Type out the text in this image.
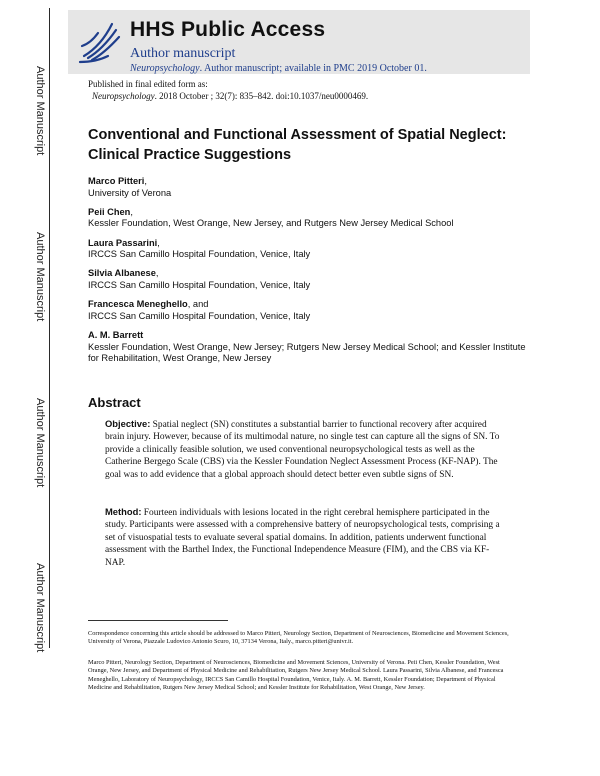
Author Manuscript
Author Manuscript
Author Manuscript
Author Manuscript
HHS Public Access
Author manuscript
Neuropsychology. Author manuscript; available in PMC 2019 October 01.
Published in final edited form as:
Neuropsychology. 2018 October ; 32(7): 835–842. doi:10.1037/neu0000469.
Conventional and Functional Assessment of Spatial Neglect:
Clinical Practice Suggestions
Marco Pitteri,
University of Verona
Peii Chen,
Kessler Foundation, West Orange, New Jersey, and Rutgers New Jersey Medical School
Laura Passarini,
IRCCS San Camillo Hospital Foundation, Venice, Italy
Silvia Albanese,
IRCCS San Camillo Hospital Foundation, Venice, Italy
Francesca Meneghello, and
IRCCS San Camillo Hospital Foundation, Venice, Italy
A. M. Barrett
Kessler Foundation, West Orange, New Jersey; Rutgers New Jersey Medical School; and Kessler Institute for Rehabilitation, West Orange, New Jersey
Abstract
Objective: Spatial neglect (SN) constitutes a substantial barrier to functional recovery after acquired brain injury. However, because of its multimodal nature, no single test can capture all the signs of SN. To provide a clinically feasible solution, we used conventional neuropsychological tests as well as the Catherine Bergego Scale (CBS) via the Kessler Foundation Neglect Assessment Process (KF-NAP). The goal was to add evidence that a global approach should detect better even subtle signs of SN.
Method: Fourteen individuals with lesions located in the right cerebral hemisphere participated in the study. Participants were assessed with a comprehensive battery of neuropsychological tests, comprising a set of visuospatial tests to evaluate several spatial domains. In addition, patients underwent functional assessment with the Barthel Index, the Functional Independence Measure (FIM), and the CBS via KF-NAP.
Correspondence concerning this article should be addressed to Marco Pitteri, Neurology Section, Department of Neurosciences, Biomedicine and Movement Sciences, University of Verona, Piazzale Ludovico Antonio Scuro, 10, 37134 Verona, Italy., marco.pitteri@univr.it.
Marco Pitteri, Neurology Section, Department of Neurosciences, Biomedicine and Movement Sciences, University of Verona. Peii Chen, Kessler Foundation, West Orange, New Jersey, and Department of Physical Medicine and Rehabilitation, Rutgers New Jersey Medical School. Laura Passarini, Silvia Albanese, and Francesca Meneghello, Laboratory of Neuropsychology, IRCCS San Camillo Hospital Foundation, Venice, Italy. A. M. Barrett, Kessler Foundation; Department of Physical Medicine and Rehabilitation, Rutgers New Jersey Medical School; and Kessler Institute for Rehabilitation, West Orange, New Jersey.
